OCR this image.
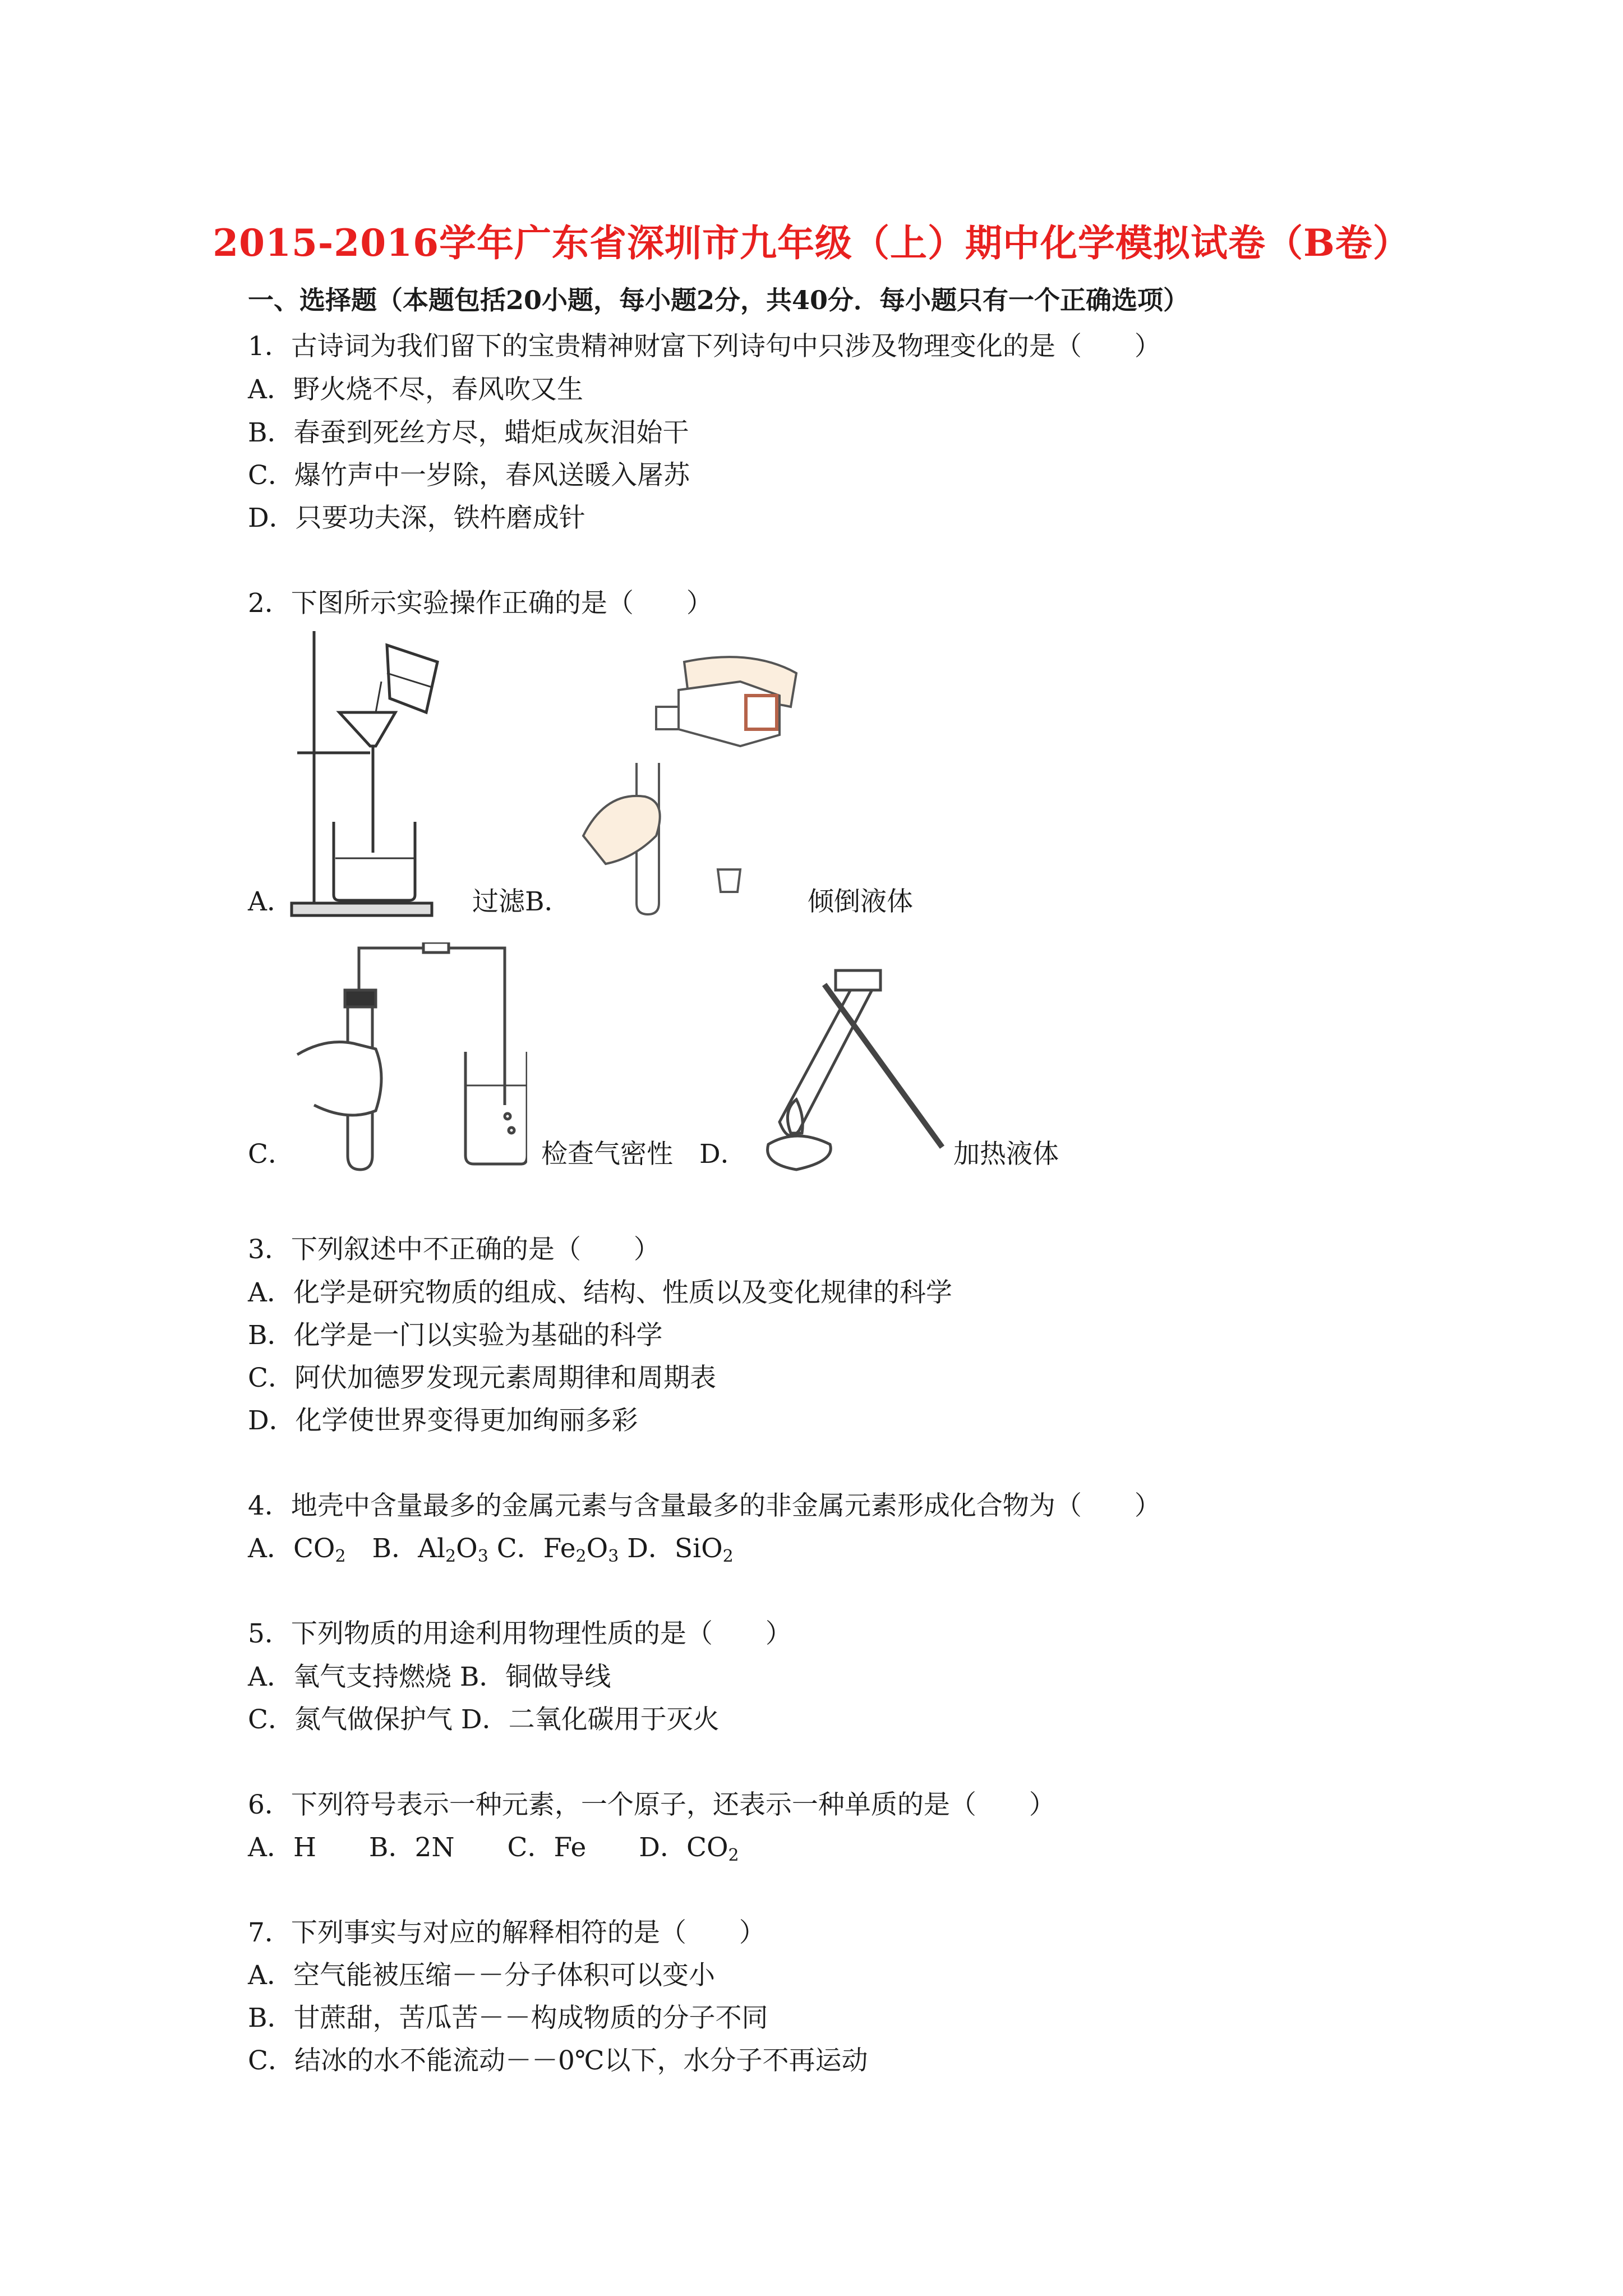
2015-2016学年广东省深圳市九年级（上）期中化学模拟试卷（B卷）
一、选择题（本题包括20小题，每小题2分，共40分．每小题只有一个正确选项）
1．古诗词为我们留下的宝贵精神财富下列诗句中只涉及物理变化的是（　　）
A．野火烧不尽，春风吹又生
B．春蚕到死丝方尽，蜡炬成灰泪始干
C．爆竹声中一岁除，春风送暖入屠苏
D．只要功夫深，铁杵磨成针
2．下图所示实验操作正确的是（　　）
A．	过滤B．	倾倒液体
C．	检查气密性　D．	加热液体
3．下列叙述中不正确的是（　　）
A．化学是研究物质的组成、结构、性质以及变化规律的科学
B．化学是一门以实验为基础的科学
C．阿伏加德罗发现元素周期律和周期表
D．化学使世界变得更加绚丽多彩
4．地壳中含量最多的金属元素与含量最多的非金属元素形成化合物为（　　）
A．$CO_2$　B．$Al_2O_3$ C．$Fe_2O_3$ D．SiO$_2$
5．下列物质的用途利用物理性质的是（　　）
A．氧气支持燃烧 B．铜做导线
C．氮气做保护气 D．二氧化碳用于灭火
6．下列符号表示一种元素，一个原子，还表示一种单质的是（　　）
A．H　　B．2N　　C．Fe　　D．$CO_2$
7．下列事实与对应的解释相符的是（　　）
A．空气能被压缩－－分子体积可以变小
B．甘蔗甜，苦瓜苦－－构成物质的分子不同
C．结冰的水不能流动－－0℃以下，水分子不再运动
